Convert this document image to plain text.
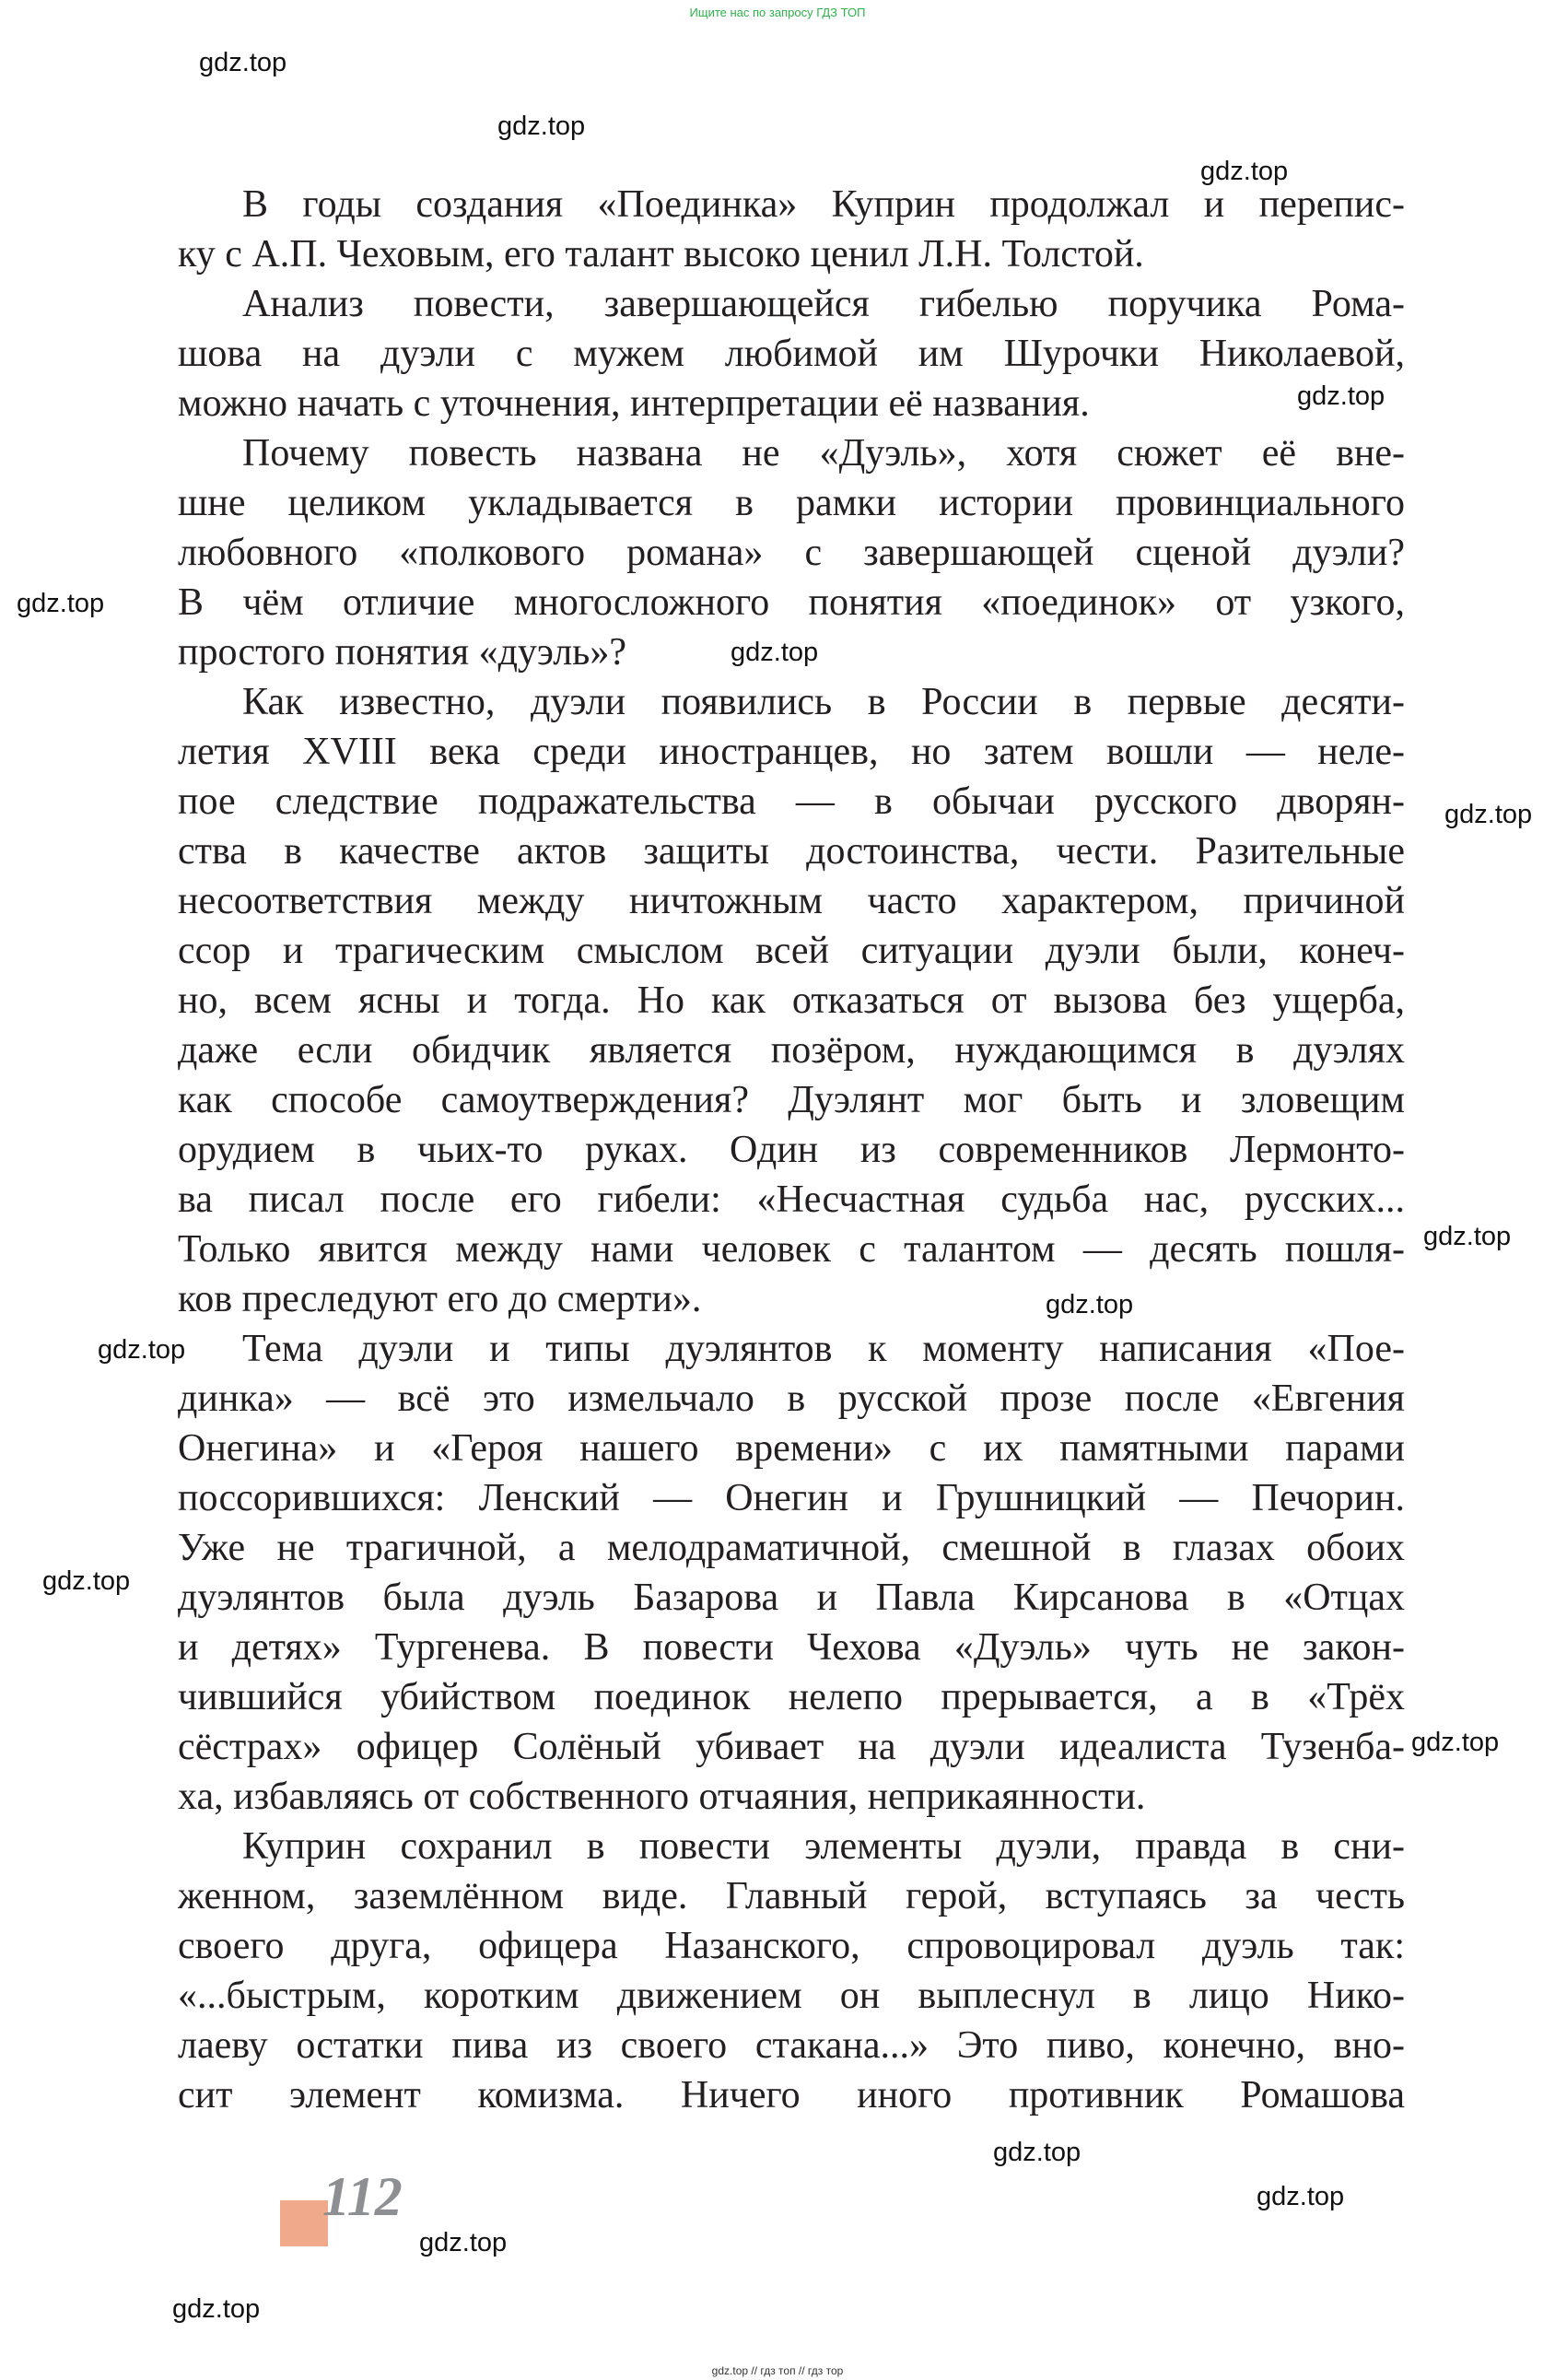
Ищите нас по запросу ГДЗ ТОП
gdz.top
gdz.top
gdz.top
gdz.top
gdz.top
gdz.top
gdz.top
gdz.top
gdz.top
gdz.top
gdz.top
gdz.top
gdz.top
gdz.top
gdz.top
gdz.top
В годы создания «Поединка» Куприн продолжал и перепис-
ку с А.П. Чеховым, его талант высоко ценил Л.Н. Толстой.
Анализ повести, завершающейся гибелью поручика Рома-
шова на дуэли с мужем любимой им Шурочки Николаевой,
можно начать с уточнения, интерпретации её названия.
Почему повесть названа не «Дуэль», хотя сюжет её вне-
шне целиком укладывается в рамки истории провинциального
любовного «полкового романа» с завершающей сценой дуэли?
В чём отличие многосложного понятия «поединок» от узкого,
простого понятия «дуэль»?
Как известно, дуэли появились в России в первые десяти-
летия XVIII века среди иностранцев, но затем вошли — неле-
пое следствие подражательства — в обычаи русского дворян-
ства в качестве актов защиты достоинства, чести. Разительные
несоответствия между ничтожным часто характером, причиной
ссор и трагическим смыслом всей ситуации дуэли были, конеч-
но, всем ясны и тогда. Но как отказаться от вызова без ущерба,
даже если обидчик является позёром, нуждающимся в дуэлях
как способе самоутверждения? Дуэлянт мог быть и зловещим
орудием в чьих-то руках. Один из современников Лермонто-
ва писал после его гибели: «Несчастная судьба нас, русских...
Только явится между нами человек с талантом — десять пошля-
ков преследуют его до смерти».
Тема дуэли и типы дуэлянтов к моменту написания «Пое-
динка» — всё это измельчало в русской прозе после «Евгения
Онегина» и «Героя нашего времени» с их памятными парами
поссорившихся: Ленский — Онегин и Грушницкий — Печорин.
Уже не трагичной, а мелодраматичной, смешной в глазах обоих
дуэлянтов была дуэль Базарова и Павла Кирсанова в «Отцах
и детях» Тургенева. В повести Чехова «Дуэль» чуть не закон-
чившийся убийством поединок нелепо прерывается, а в «Трёх
сёстрах» офицер Солёный убивает на дуэли идеалиста Тузенба-
ха, избавляясь от собственного отчаяния, неприкаянности.
Куприн сохранил в повести элементы дуэли, правда в сни-
женном, заземлённом виде. Главный герой, вступаясь за честь
своего друга, офицера Назанского, спровоцировал дуэль так:
«...быстрым, коротким движением он выплеснул в лицо Нико-
лаеву остатки пива из своего стакана...» Это пиво, конечно, вно-
сит элемент комизма. Ничего иного противник Ромашова
112
gdz.top // гдз топ // гдз тор
